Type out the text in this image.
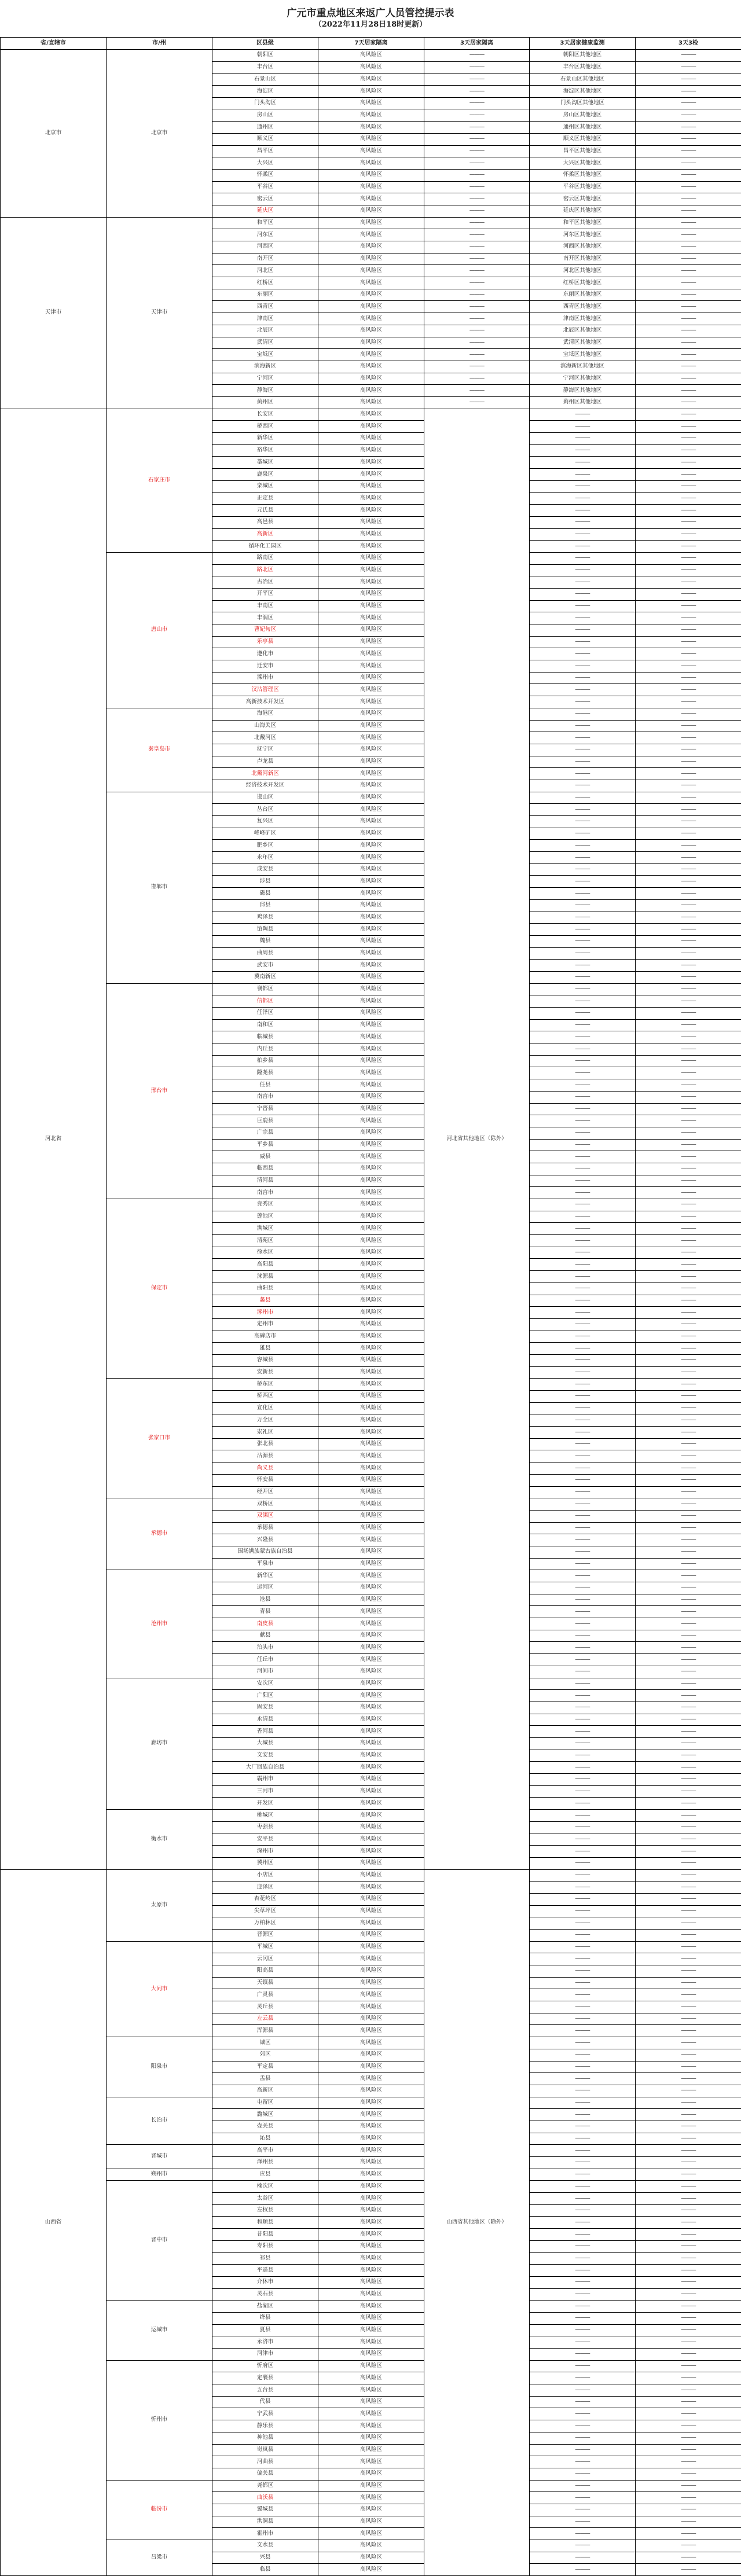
广元市重点地区来返广人员管控提示表
（2022年11月28日18时更新）
省/直辖市	市/州	区县级	7天居家隔离	3天居家隔离	3天居家健康监测	3天3检
北京市	北京市	朝阳区	高风险区	———	朝阳区其他地区	———
		丰台区	高风险区	———	丰台区其他地区	———
		石景山区	高风险区	———	石景山区其他地区	———
		海淀区	高风险区	———	海淀区其他地区	———
		门头沟区	高风险区	———	门头沟区其他地区	———
		房山区	高风险区	———	房山区其他地区	———
		通州区	高风险区	———	通州区其他地区	———
		顺义区	高风险区	———	顺义区其他地区	———
		昌平区	高风险区	———	昌平区其他地区	———
		大兴区	高风险区	———	大兴区其他地区	———
		怀柔区	高风险区	———	怀柔区其他地区	———
		平谷区	高风险区	———	平谷区其他地区	———
		密云区	高风险区	———	密云区其他地区	———
		延庆区	高风险区	———	延庆区其他地区	———
天津市	天津市	和平区	高风险区	———	和平区其他地区	———
		河东区	高风险区	———	河东区其他地区	———
		河西区	高风险区	———	河西区其他地区	———
		南开区	高风险区	———	南开区其他地区	———
		河北区	高风险区	———	河北区其他地区	———
		红桥区	高风险区	———	红桥区其他地区	———
		东丽区	高风险区	———	东丽区其他地区	———
		西青区	高风险区	———	西青区其他地区	———
		津南区	高风险区	———	津南区其他地区	———
		北辰区	高风险区	———	北辰区其他地区	———
		武清区	高风险区	———	武清区其他地区	———
		宝坻区	高风险区	———	宝坻区其他地区	———
		滨海新区	高风险区	———	滨海新区其他地区	———
		宁河区	高风险区	———	宁河区其他地区	———
		静海区	高风险区	———	静海区其他地区	———
		蓟州区	高风险区	———	蓟州区其他地区	———
河北省	石家庄市	长安区	高风险区	河北省其他地区（除外）	———	———
		桥西区	高风险区		———	———
		新华区	高风险区		———	———
		裕华区	高风险区		———	———
		藁城区	高风险区		———	———
		鹿泉区	高风险区		———	———
		栾城区	高风险区		———	———
		正定县	高风险区		———	———
		元氏县	高风险区		———	———
		高邑县	高风险区		———	———
		高新区	高风险区		———	———
		循环化工园区	高风险区		———	———
	唐山市	路南区	高风险区		———	———
		路北区	高风险区		———	———
		古冶区	高风险区		———	———
		开平区	高风险区		———	———
		丰南区	高风险区		———	———
		丰润区	高风险区		———	———
		曹妃甸区	高风险区		———	———
		乐亭县	高风险区		———	———
		遵化市	高风险区		———	———
		迁安市	高风险区		———	———
		滦州市	高风险区		———	———
		汉沽管理区	高风险区		———	———
		高新技术开发区	高风险区		———	———
	秦皇岛市	海港区	高风险区		———	———
		山海关区	高风险区		———	———
		北戴河区	高风险区		———	———
		抚宁区	高风险区		———	———
		卢龙县	高风险区		———	———
		北戴河新区	高风险区		———	———
		经济技术开发区	高风险区		———	———
	邯郸市	邯山区	高风险区		———	———
		丛台区	高风险区		———	———
		复兴区	高风险区		———	———
		峰峰矿区	高风险区		———	———
		肥乡区	高风险区		———	———
		永年区	高风险区		———	———
		成安县	高风险区		———	———
		涉县	高风险区		———	———
		磁县	高风险区		———	———
		邱县	高风险区		———	———
		鸡泽县	高风险区		———	———
		馆陶县	高风险区		———	———
		魏县	高风险区		———	———
		曲周县	高风险区		———	———
		武安市	高风险区		———	———
		冀南新区	高风险区		———	———
	邢台市	襄都区	高风险区		———	———
		信都区	高风险区		———	———
		任泽区	高风险区		———	———
		南和区	高风险区		———	———
		临城县	高风险区		———	———
		内丘县	高风险区		———	———
		柏乡县	高风险区		———	———
		隆尧县	高风险区		———	———
		任县	高风险区		———	———
		南宫市	高风险区		———	———
		宁晋县	高风险区		———	———
		巨鹿县	高风险区		———	———
		广宗县	高风险区		———	———
		平乡县	高风险区		———	———
		威县	高风险区		———	———
		临西县	高风险区		———	———
		清河县	高风险区		———	———
		南宫市	高风险区		———	———
	保定市	竞秀区	高风险区		———	———
		莲池区	高风险区		———	———
		满城区	高风险区		———	———
		清苑区	高风险区		———	———
		徐水区	高风险区		———	———
		高阳县	高风险区		———	———
		涞源县	高风险区		———	———
		曲阳县	高风险区		———	———
		蠡县	高风险区		———	———
		涿州市	高风险区		———	———
		定州市	高风险区		———	———
		高碑店市	高风险区		———	———
		雄县	高风险区		———	———
		容城县	高风险区		———	———
		安新县	高风险区		———	———
	张家口市	桥东区	高风险区		———	———
		桥西区	高风险区		———	———
		宣化区	高风险区		———	———
		万全区	高风险区		———	———
		崇礼区	高风险区		———	———
		张北县	高风险区		———	———
		沽源县	高风险区		———	———
		尚义县	高风险区		———	———
		怀安县	高风险区		———	———
		经开区	高风险区		———	———
	承德市	双桥区	高风险区		———	———
		双滦区	高风险区		———	———
		承德县	高风险区		———	———
		兴隆县	高风险区		———	———
		围场满族蒙古族自治县	高风险区		———	———
		平泉市	高风险区		———	———
	沧州市	新华区	高风险区		———	———
		运河区	高风险区		———	———
		沧县	高风险区		———	———
		青县	高风险区		———	———
		南皮县	高风险区		———	———
		献县	高风险区		———	———
		泊头市	高风险区		———	———
		任丘市	高风险区		———	———
		河间市	高风险区		———	———
	廊坊市	安次区	高风险区		———	———
		广阳区	高风险区		———	———
		固安县	高风险区		———	———
		永清县	高风险区		———	———
		香河县	高风险区		———	———
		大城县	高风险区		———	———
		文安县	高风险区		———	———
		大厂回族自治县	高风险区		———	———
		霸州市	高风险区		———	———
		三河市	高风险区		———	———
		开发区	高风险区		———	———
	衡水市	桃城区	高风险区		———	———
		枣强县	高风险区		———	———
		安平县	高风险区		———	———
		深州市	高风险区		———	———
		冀州区	高风险区		———	———
山西省	太原市	小店区	高风险区	山西省其他地区（除外）	———	———
		迎泽区	高风险区		———	———
		杏花岭区	高风险区		———	———
		尖草坪区	高风险区		———	———
		万柏林区	高风险区		———	———
		晋源区	高风险区		———	———
	大同市	平城区	高风险区		———	———
		云冈区	高风险区		———	———
		阳高县	高风险区		———	———
		天镇县	高风险区		———	———
		广灵县	高风险区		———	———
		灵丘县	高风险区		———	———
		左云县	高风险区		———	———
		浑源县	高风险区		———	———
	阳泉市	城区	高风险区		———	———
		郊区	高风险区		———	———
		平定县	高风险区		———	———
		盂县	高风险区		———	———
		高新区	高风险区		———	———
	长治市	屯留区	高风险区		———	———
		潞城区	高风险区		———	———
		壶关县	高风险区		———	———
		沁县	高风险区		———	———
	晋城市	高平市	高风险区		———	———
		泽州县	高风险区		———	———
	朔州市	应县	高风险区		———	———
	晋中市	榆次区	高风险区		———	———
		太谷区	高风险区		———	———
		左权县	高风险区		———	———
		和顺县	高风险区		———	———
		昔阳县	高风险区		———	———
		寿阳县	高风险区		———	———
		祁县	高风险区		———	———
		平遥县	高风险区		———	———
		介休市	高风险区		———	———
		灵石县	高风险区		———	———
	运城市	盐湖区	高风险区		———	———
		绛县	高风险区		———	———
		夏县	高风险区		———	———
		永济市	高风险区		———	———
		河津市	高风险区		———	———
	忻州市	忻府区	高风险区		———	———
		定襄县	高风险区		———	———
		五台县	高风险区		———	———
		代县	高风险区		———	———
		宁武县	高风险区		———	———
		静乐县	高风险区		———	———
		神池县	高风险区		———	———
		岢岚县	高风险区		———	———
		河曲县	高风险区		———	———
		偏关县	高风险区		———	———
	临汾市	尧都区	高风险区		———	———
		曲沃县	高风险区		———	———
		翼城县	高风险区		———	———
		洪洞县	高风险区		———	———
		霍州市	高风险区		———	———
	吕梁市	文水县	高风险区		———	———
		兴县	高风险区		———	———
		临县	高风险区		———	———
